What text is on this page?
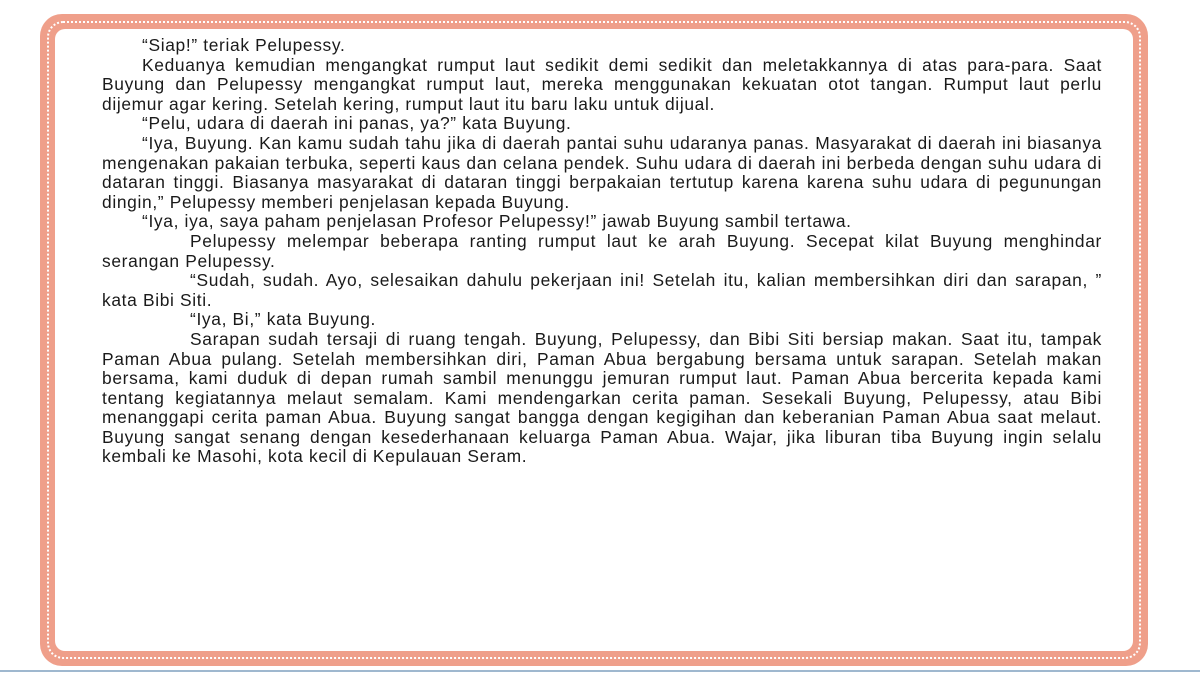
“Siap!” teriak Pelupessy.

Keduanya kemudian mengangkat rumput laut sedikit demi sedikit dan meletakkannya di atas para-para. Saat Buyung dan Pelupessy mengangkat rumput laut, mereka menggunakan kekuatan otot tangan. Rumput laut perlu dijemur agar kering. Setelah kering, rumput laut itu baru laku untuk dijual.

“Pelu, udara di daerah ini panas, ya?” kata Buyung.

“Iya, Buyung. Kan kamu sudah tahu jika di daerah pantai suhu udaranya panas. Masyarakat di daerah ini biasanya mengenakan pakaian terbuka, seperti kaus dan celana pendek. Suhu udara di daerah ini berbeda dengan suhu udara di dataran tinggi. Biasanya masyarakat di dataran tinggi berpakaian tertutup karena karena suhu udara di pegunungan dingin,” Pelupessy memberi penjelasan kepada Buyung.

“Iya, iya, saya paham penjelasan Profesor Pelupessy!” jawab Buyung sambil tertawa.

Pelupessy melempar beberapa ranting rumput laut ke arah Buyung. Secepat kilat Buyung menghindar serangan Pelupessy.

“Sudah, sudah. Ayo, selesaikan dahulu pekerjaan ini! Setelah itu, kalian membersihkan diri dan sarapan, ” kata Bibi Siti.

“Iya, Bi,” kata Buyung.

Sarapan sudah tersaji di ruang tengah. Buyung, Pelupessy, dan Bibi Siti bersiap makan. Saat itu, tampak Paman Abua pulang. Setelah membersihkan diri, Paman Abua bergabung bersama untuk sarapan. Setelah makan bersama, kami duduk di depan rumah sambil menunggu jemuran rumput laut. Paman Abua bercerita kepada kami tentang kegiatannya melaut semalam. Kami mendengarkan cerita paman. Sesekali Buyung, Pelupessy, atau Bibi menanggapi cerita paman Abua. Buyung sangat bangga dengan kegigihan dan keberanian Paman Abua saat melaut. Buyung sangat senang dengan kesederhanaan keluarga Paman Abua. Wajar, jika liburan tiba Buyung ingin selalu kembali ke Masohi, kota kecil di Kepulauan Seram.
